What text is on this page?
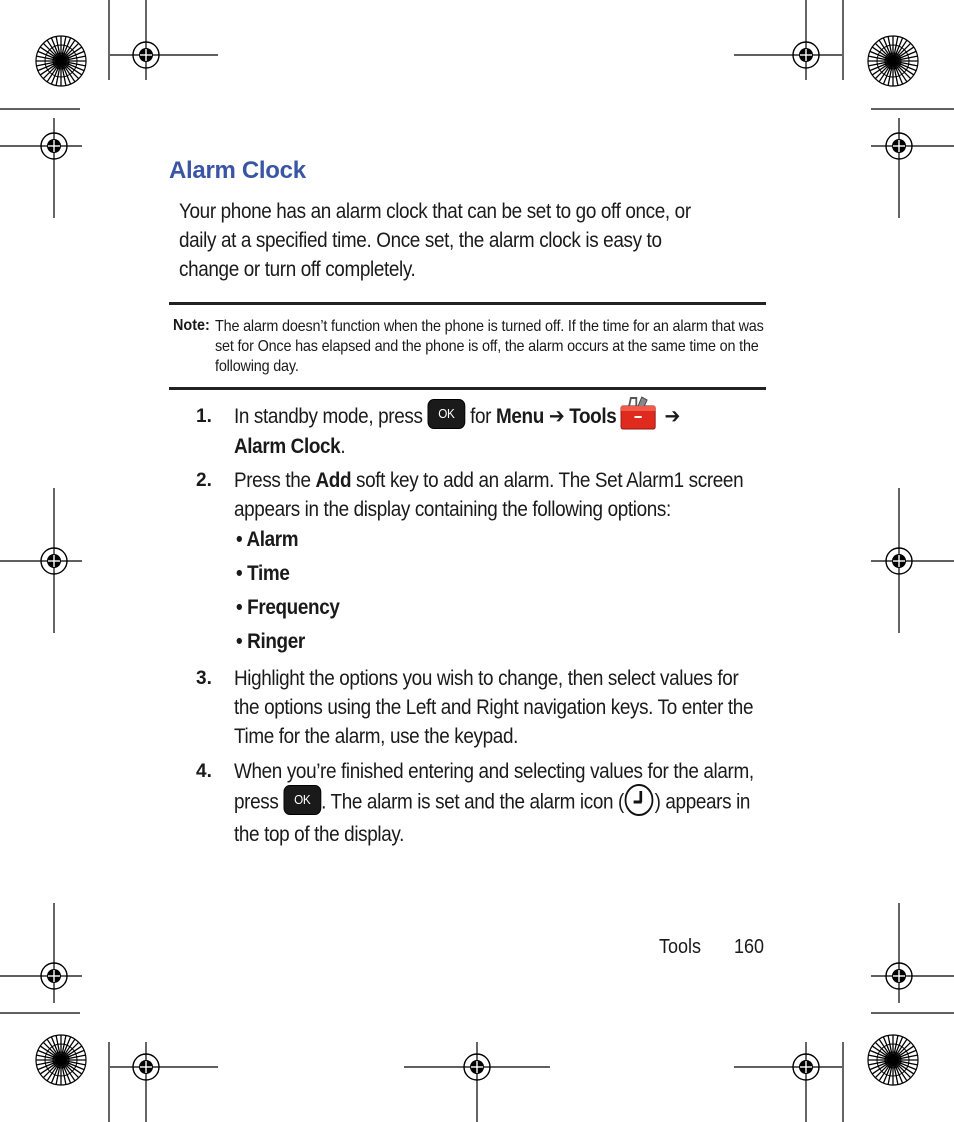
Alarm Clock
Your phone has an alarm clock that can be set to go off once, or daily at a specified time. Once set, the alarm clock is easy to change or turn off completely.
Note: The alarm doesn’t function when the phone is turned off. If the time for an alarm that was set for Once has elapsed and the phone is off, the alarm occurs at the same time on the following day.
1. In standby mode, press OK for Menu ➔ Tools ➔
Alarm Clock.
2. Press the Add soft key to add an alarm. The Set Alarm1 screen appears in the display containing the following options:
• Alarm
• Time
• Frequency
• Ringer
3. Highlight the options you wish to change, then select values for the options using the Left and Right navigation keys. To enter the Time for the alarm, use the keypad.
4. When you’re finished entering and selecting values for the alarm, press OK . The alarm is set and the alarm icon ( ) appears in the top of the display.
Tools 160
